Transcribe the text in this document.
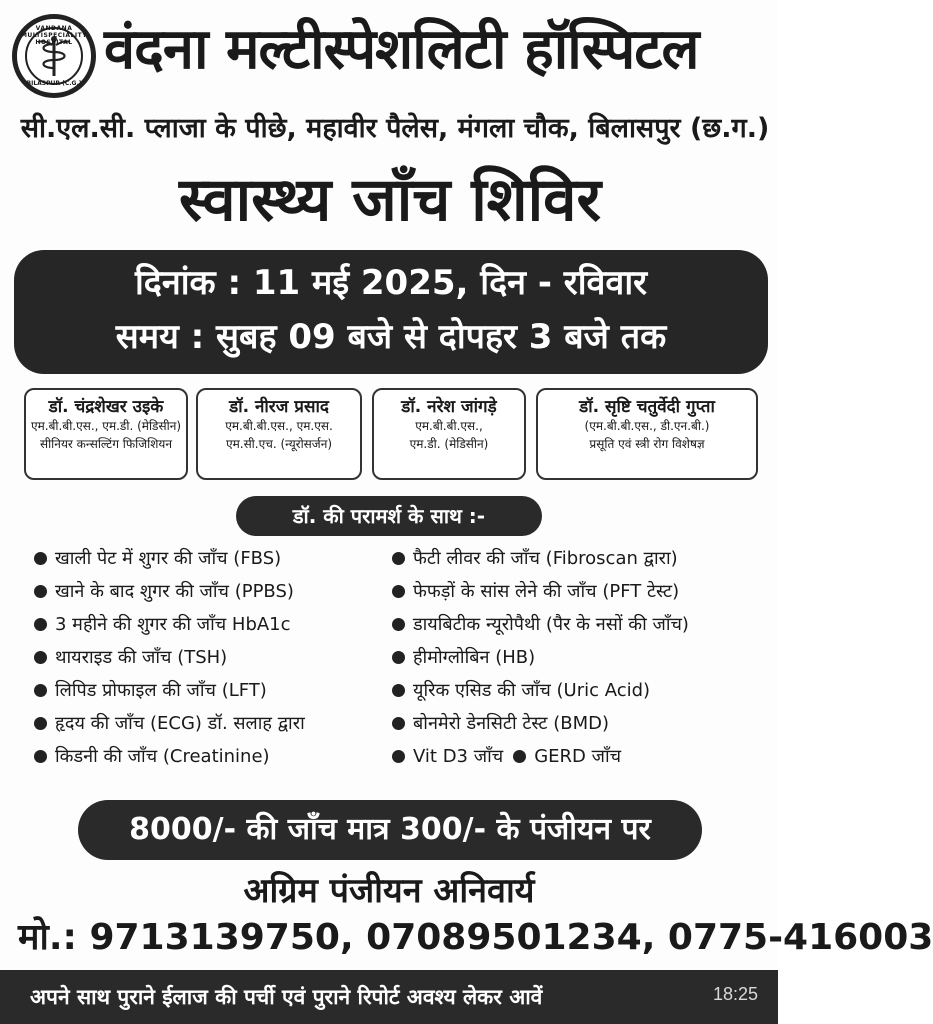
VANDANA MULTISPECIALITY HOSPITAL
BILASPUR (C.G.)
वंदना मल्टीस्पेशलिटी हॉस्पिटल
सी.एल.सी. प्लाजा के पीछे, महावीर पैलेस, मंगला चौक, बिलासपुर (छ.ग.)
स्वास्थ्य जाँच शिविर
दिनांक : 11 मई 2025, दिन - रविवार
समय : सुबह 09 बजे से दोपहर 3 बजे तक
डॉ. चंद्रशेखर उइके
एम.बी.बी.एस., एम.डी. (मेडिसीन)
सीनियर कन्सल्टिंग फिजिशियन
डॉ. नीरज प्रसाद
एम.बी.बी.एस., एम.एस.
एम.सी.एच. (न्यूरोसर्जन)
डॉ. नरेश जांगड़े
एम.बी.बी.एस.,
एम.डी. (मेडिसीन)
डॉ. सृष्टि चतुर्वेदी गुप्ता
(एम.बी.बी.एस., डी.एन.बी.)
प्रसूति एवं स्त्री रोग विशेषज्ञ
डॉ. की परामर्श के साथ :-
खाली पेट में शुगर की जाँच (FBS)
खाने के बाद शुगर की जाँच (PPBS)
3 महीने की शुगर की जाँच HbA1c
थायराइड की जाँच (TSH)
लिपिड प्रोफाइल की जाँच (LFT)
हृदय की जाँच (ECG) डॉ. सलाह द्वारा
किडनी की जाँच (Creatinine)
फैटी लीवर की जाँच (Fibroscan द्वारा)
फेफड़ों के सांस लेने की जाँच (PFT टेस्ट)
डायबिटीक न्यूरोपैथी (पैर के नसों की जाँच)
हीमोग्लोबिन (HB)
यूरिक एसिड की जाँच (Uric Acid)
बोनमेरो डेनसिटी टेस्ट (BMD)
Vit D3 जाँच GERD जाँच
8000/- की जाँच मात्र 300/- के पंजीयन पर
अग्रिम पंजीयन अनिवार्य
मो.: 9713139750, 07089501234, 0775-416003
अपने साथ पुराने ईलाज की पर्ची एवं पुराने रिपोर्ट अवश्य लेकर आवें	18:25
